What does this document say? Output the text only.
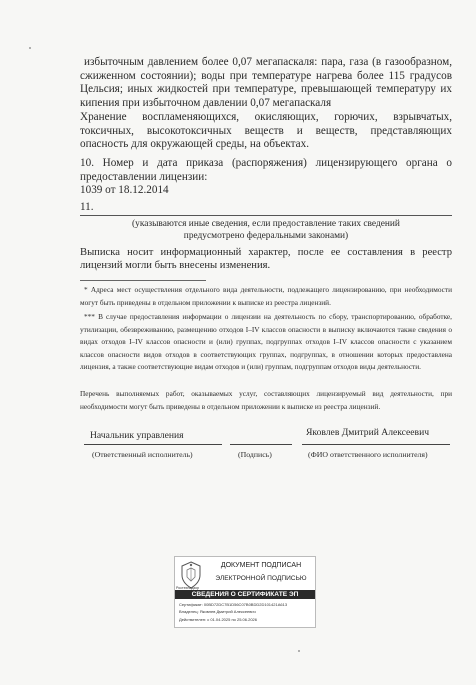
избыточным давлением более 0,07 мегапаскаля: пара, газа (в газообразном, сжиженном состоянии); воды при температуре нагрева более 115 градусов Цельсия; иных жидкостей при температуре, превышающей температуру их кипения при избыточном давлении 0,07 мегапаскаля

Хранение воспламеняющихся, окисляющих, горючих, взрывчатых, токсичных, высокотоксичных веществ и веществ, представляющих опасность для окружающей среды, на объектах.

10. Номер и дата приказа (распоряжения) лицензирующего органа о предоставлении лицензии:

1039 от 18.12.2014

11.

(указываются иные сведения, если предоставление таких сведений предусмотрено федеральными законами)

Выписка носит информационный характер, после ее составления в реестр лицензий могли быть внесены изменения.

* Адреса мест осуществления отдельного вида деятельности, подлежащего лицензированию, при необходимости могут быть приведены в отдельном приложении к выписке из реестра лицензий.

*** В случае предоставления информации о лицензии на деятельность по сбору, транспортированию, обработке, утилизации, обезвреживанию, размещению отходов I–IV классов опасности в выписку включаются также сведения о видах отходов I–IV классов опасности и (или) группах, подгруппах отходов I–IV классов опасности с указанием классов опасности видов отходов в соответствующих группах, подгруппах, в отношении которых предоставлена лицензия, а также соответствующие видам отходов и (или) группам, подгруппам отходов виды деятельности.

Перечень выполняемых работ, оказываемых услуг, составляющих лицензируемый вид деятельности, при необходимости могут быть приведены в отдельном приложении к выписке из реестра лицензий.

Начальник управления	Яковлев Дмитрий Алексеевич
(Ответственный исполнитель)	(Подпись)	(ФИО ответственного исполнителя)
Ростехнадзор
ДОКУМЕНТ ПОДПИСАН
ЭЛЕКТРОННОЙ ПОДПИСЬЮ
СВЕДЕНИЯ О СЕРТИФИКАТЕ ЭП
Сертификат: 00BD72DC7B1D56C07B0BDD2D101421A613
Владелец: Яковлев Дмитрий Алексеевич
Действителен: с 01.04.2025 по 25.06.2026
